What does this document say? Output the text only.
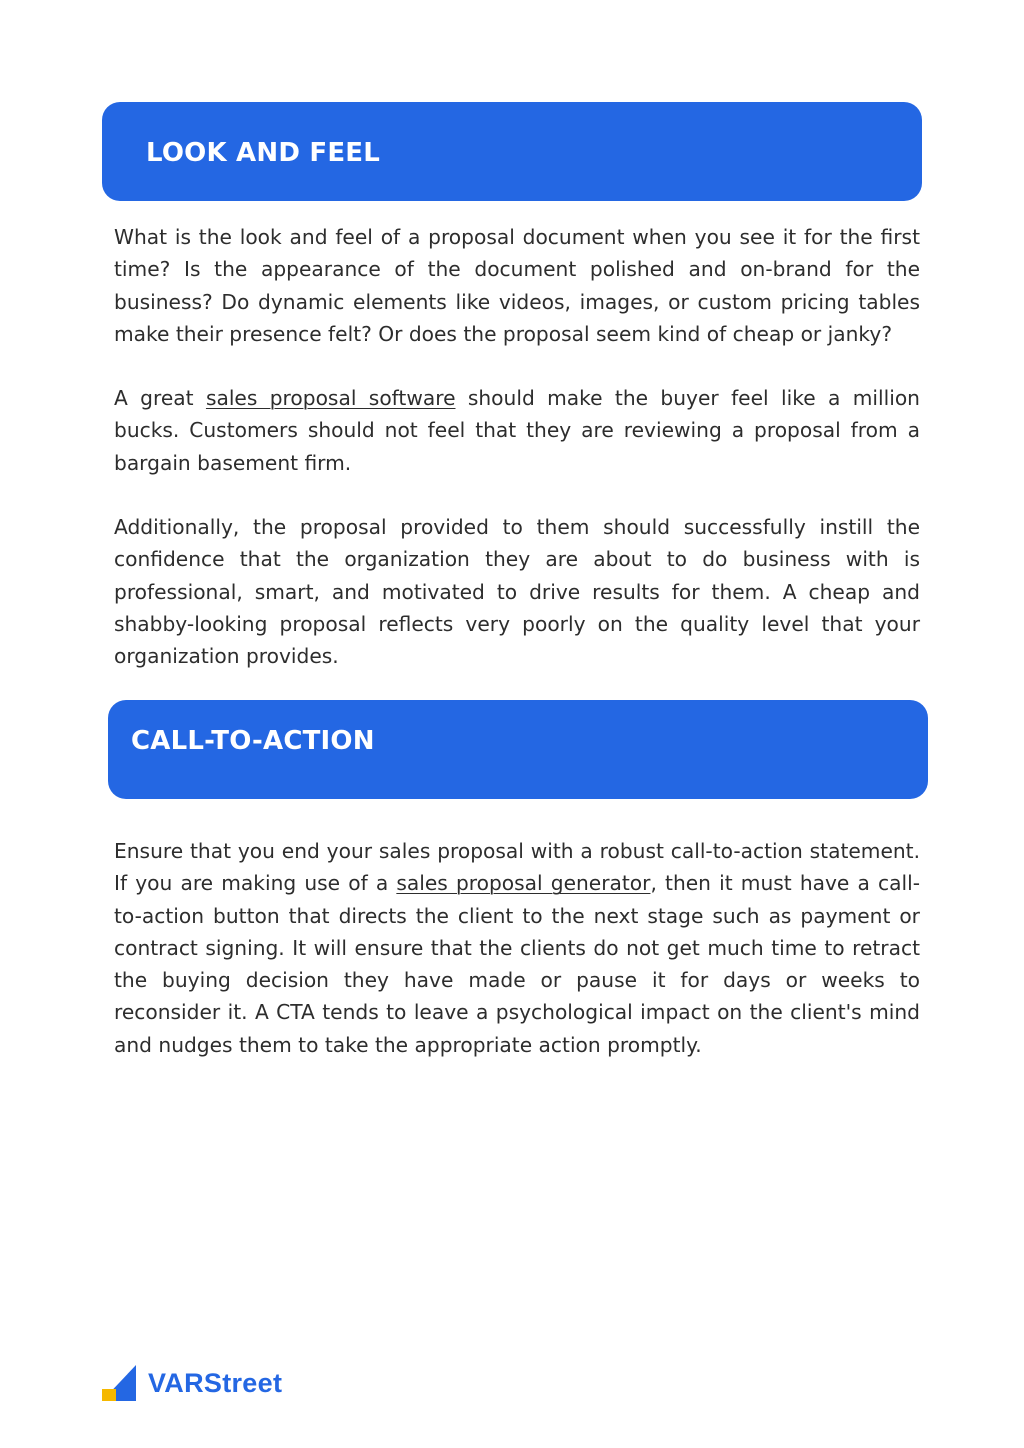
LOOK AND FEEL

What is the look and feel of a proposal document when you see it for the first time? Is the appearance of the document polished and on-brand for the business? Do dynamic elements like videos, images, or custom pricing tables make their presence felt? Or does the proposal seem kind of cheap or janky?

A great sales proposal software should make the buyer feel like a million bucks. Customers should not feel that they are reviewing a proposal from a bargain basement firm.

Additionally, the proposal provided to them should successfully instill the confidence that the organization they are about to do business with is professional, smart, and motivated to drive results for them. A cheap and shabby-looking proposal reflects very poorly on the quality level that your organization provides.

CALL-TO-ACTION

Ensure that you end your sales proposal with a robust call-to-action statement. If you are making use of a sales proposal generator, then it must have a call-to-action button that directs the client to the next stage such as payment or contract signing. It will ensure that the clients do not get much time to retract the buying decision they have made or pause it for days or weeks to reconsider it. A CTA tends to leave a psychological impact on the client's mind and nudges them to take the appropriate action promptly.

VARStreet
